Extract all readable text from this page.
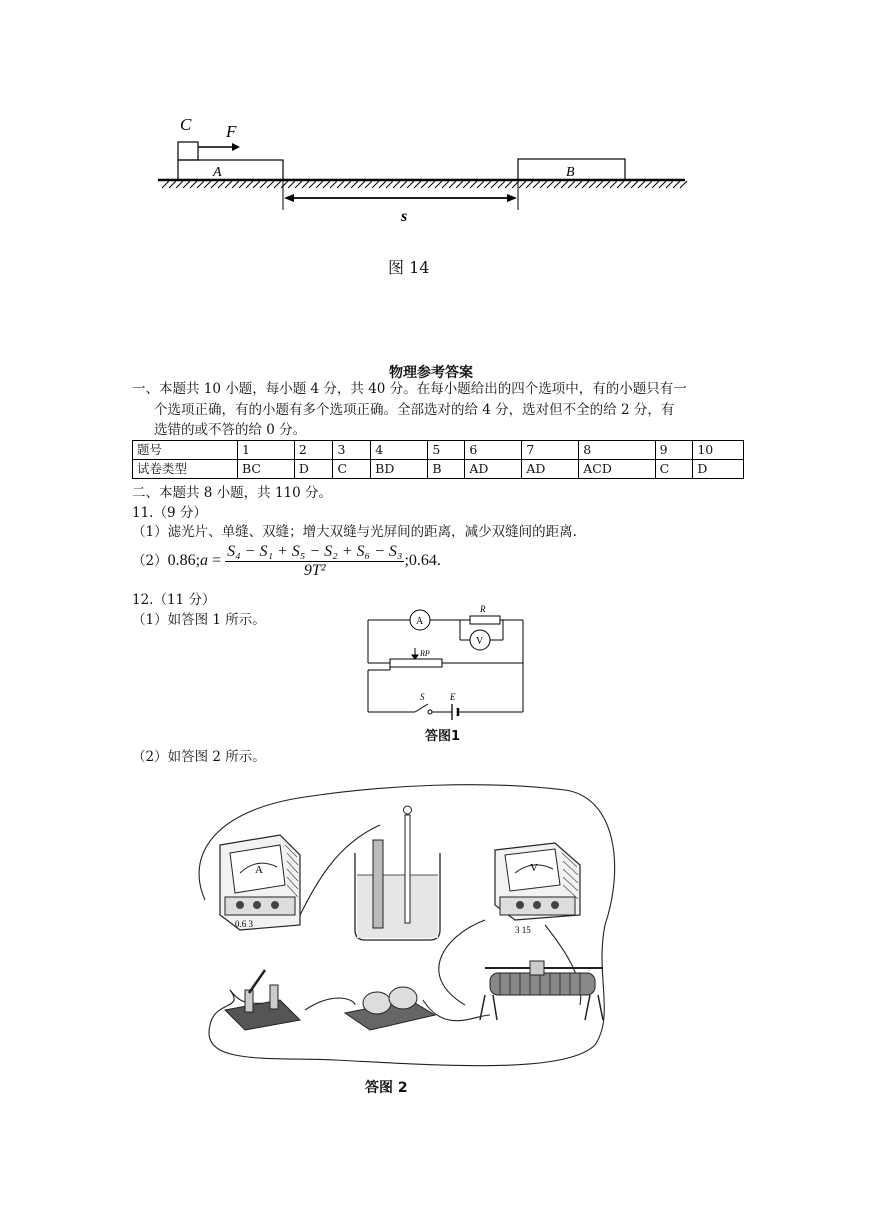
C F
A	B
s
图 14
物理参考答案
一、本题共 10 小题，每小题 4 分，共 40 分。在每小题给出的四个选项中，有的小题只有一
个选项正确，有的小题有多个选项正确。全部选对的给 4 分，选对但不全的给 2 分，有
选错的或不答的给 0 分。
题号	1	2	3	4	5	6	7	8	9	10
试卷类型	BC	D	C	BD	B	AD	AD	ACD	C	D
二、本题共 8 小题，共 110 分。
11.（9 分）
（1）滤光片、单缝、双缝；增大双缝与光屏间的距离，减少双缝间的距离.
（2）0.86;a = $\frac{\text{S₄ − S₁ + S₅ − S₂ + S₆ − S₃}}{\text{9T²}}$ ;0.64.
12.（11 分）
（1）如答图 1 所示。	A
V
R
RP
S	E
答图1
（2）如答图 2 所示。
A
0.6 3
V
3 15
答图 2
